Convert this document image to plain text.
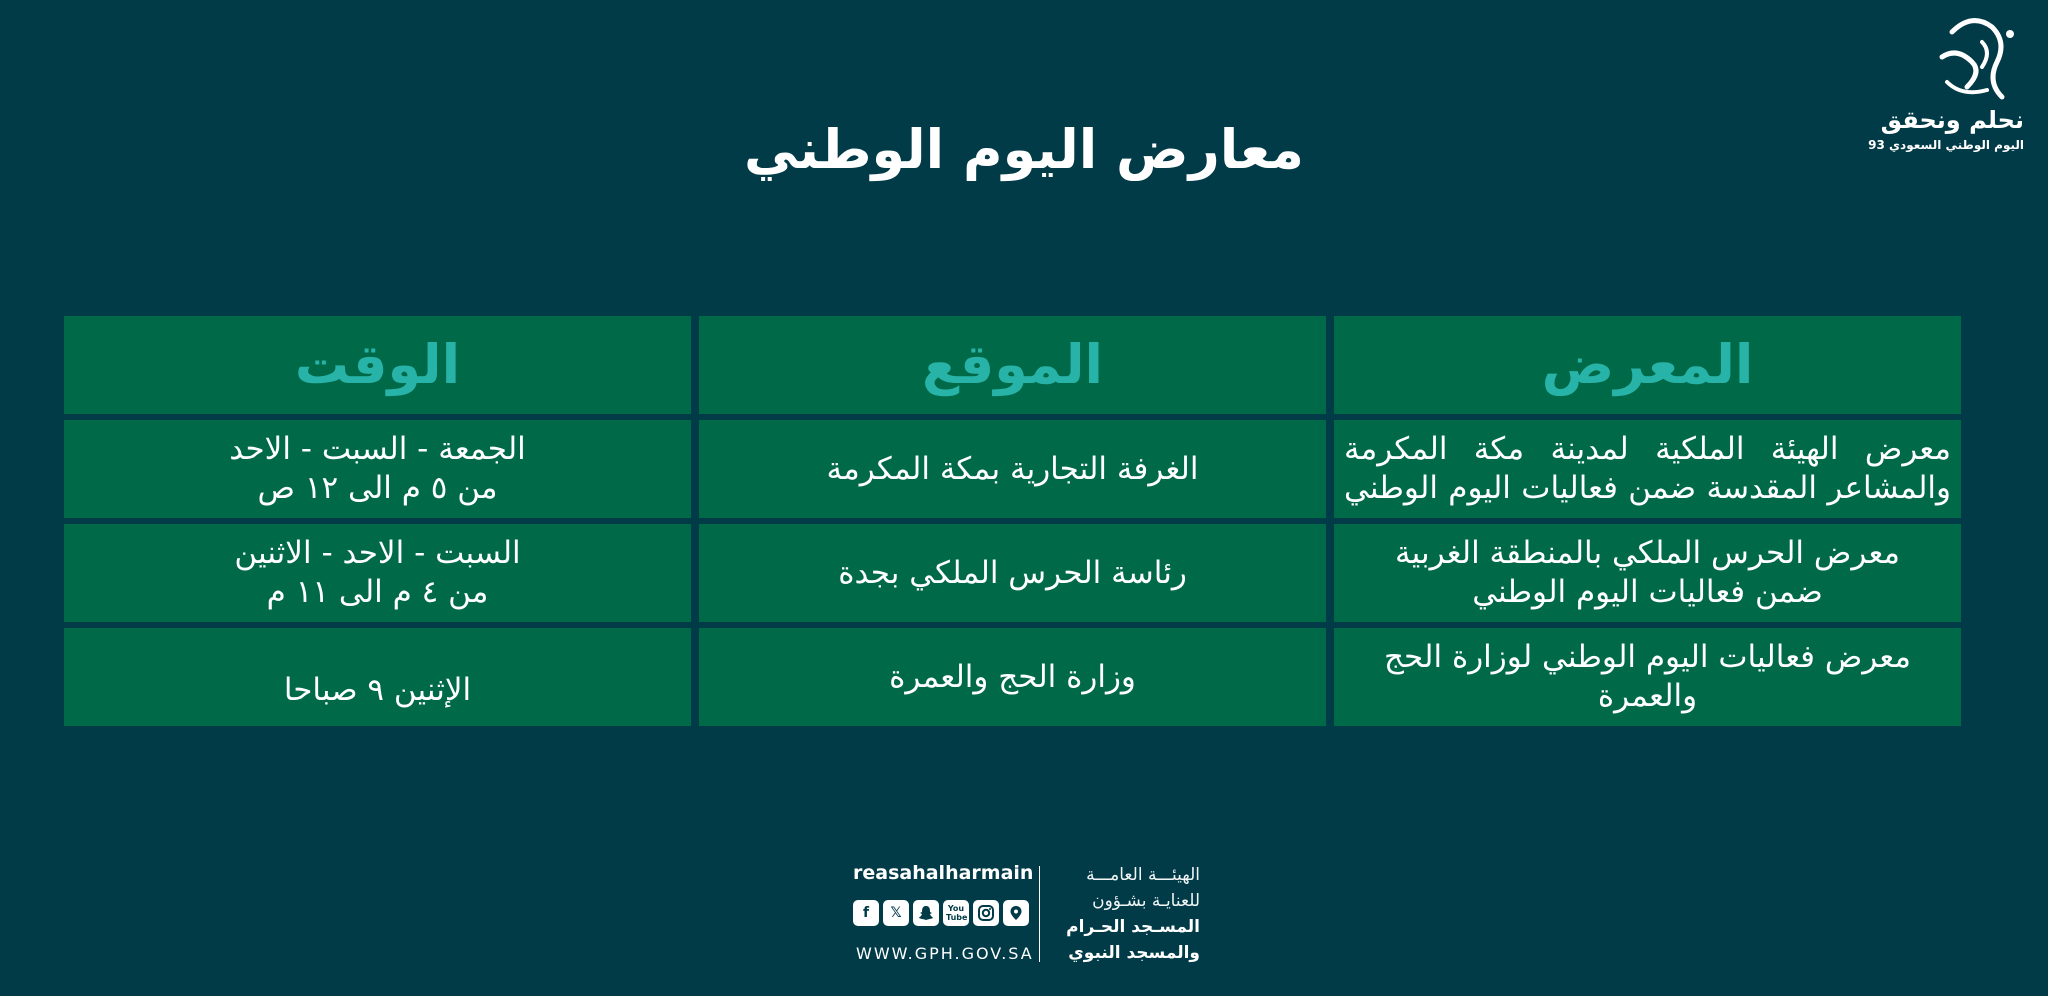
نحلم ونحقق
اليوم الوطني السعودي 93
معارض اليوم الوطني
المعرض
الموقع
الوقت
معرض الهيئة الملكية لمدينة مكة المكرمة
والمشاعر المقدسة ضمن فعاليات اليوم الوطني
الغرفة التجارية بمكة المكرمة
الجمعة - السبت - الاحد
من ٥ م الى ١٢ ص
معرض الحرس الملكي بالمنطقة الغربية
ضمن فعاليات اليوم الوطني
رئاسة الحرس الملكي بجدة
السبت - الاحد - الاثنين
من ٤ م الى ١١ م
معرض فعاليات اليوم الوطني لوزارة الحج والعمرة
وزارة الحج والعمرة
الإثنين ٩ صباحا
reasahalharmain
f	𝕏	You Tube
WWW.GPH.GOV.SA
الهيئـــة العامـــة
للعنايـة بشـؤون
المسـجد الحـرام
والمسجد النبوي
